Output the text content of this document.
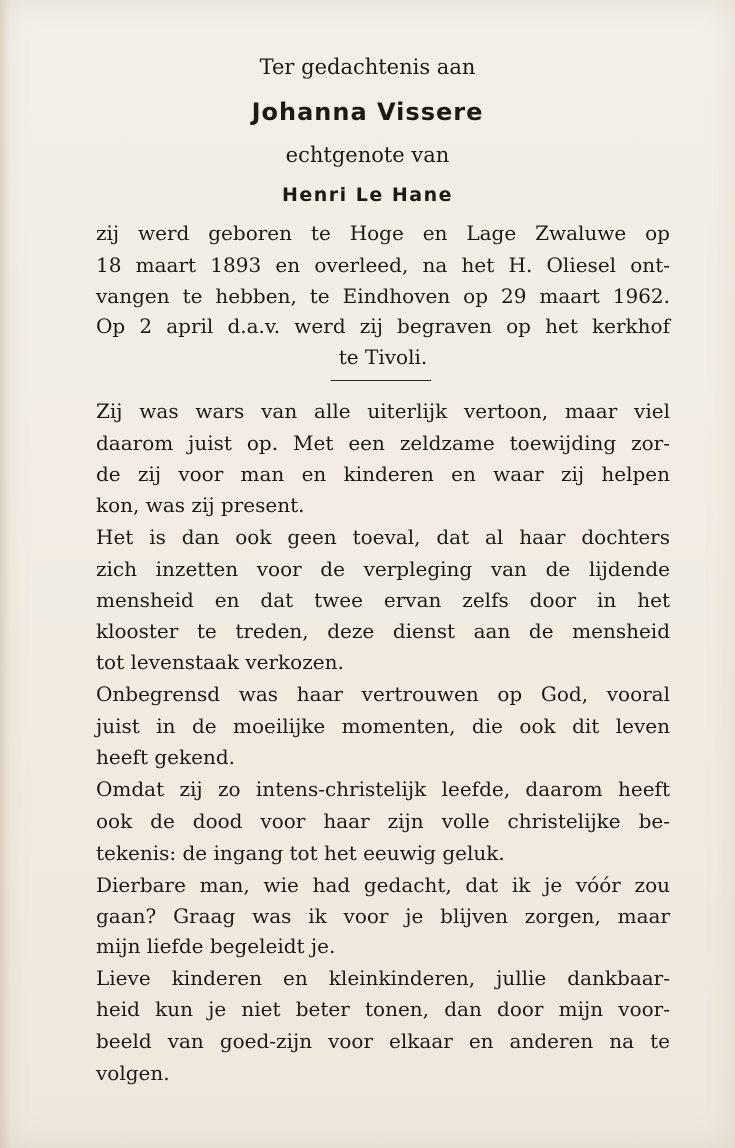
Ter gedachtenis aan
Johanna Vissere
echtgenote van
Henri Le Hane
zij werd geboren te Hoge en Lage Zwaluwe op
18 maart 1893 en overleed, na het H. Oliesel ont-
vangen te hebben, te Eindhoven op 29 maart 1962.
Op 2 april d.a.v. werd zij begraven op het kerkhof
te Tivoli.
Zij was wars van alle uiterlijk vertoon, maar viel
daarom juist op. Met een zeldzame toewijding zor-
de zij voor man en kinderen en waar zij helpen
kon, was zij present.
Het is dan ook geen toeval, dat al haar dochters
zich inzetten voor de verpleging van de lijdende
mensheid en dat twee ervan zelfs door in het
klooster te treden, deze dienst aan de mensheid
tot levenstaak verkozen.
Onbegrensd was haar vertrouwen op God, vooral
juist in de moeilijke momenten, die ook dit leven
heeft gekend.
Omdat zij zo intens-christelijk leefde, daarom heeft
ook de dood voor haar zijn volle christelijke be-
tekenis: de ingang tot het eeuwig geluk.
Dierbare man, wie had gedacht, dat ik je vóór zou
gaan? Graag was ik voor je blijven zorgen, maar
mijn liefde begeleidt je.
Lieve kinderen en kleinkinderen, jullie dankbaar-
heid kun je niet beter tonen, dan door mijn voor-
beeld van goed-zijn voor elkaar en anderen na te
volgen.
